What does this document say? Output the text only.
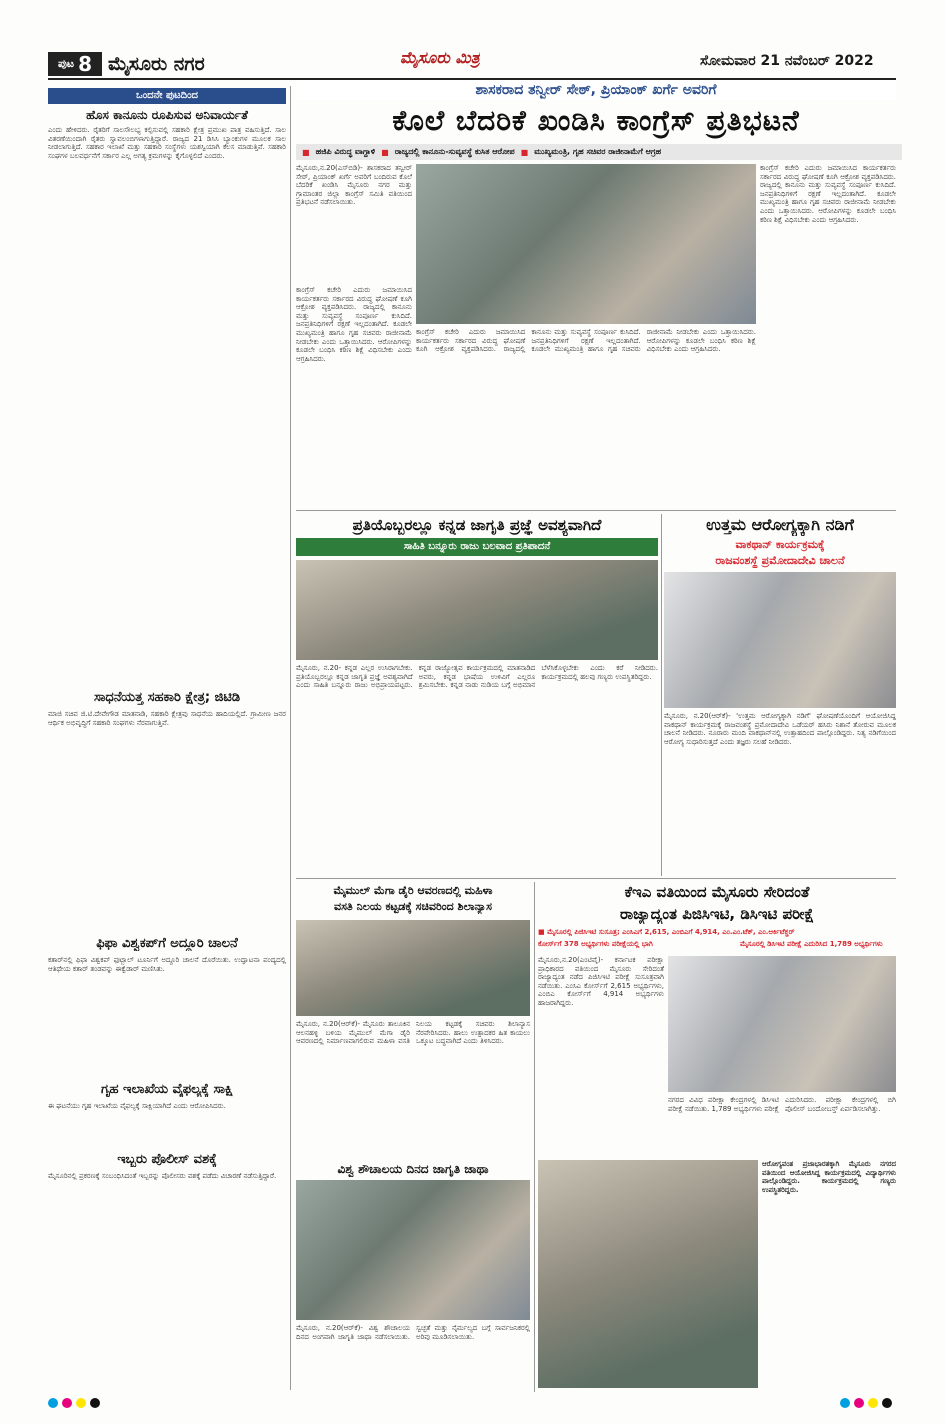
ಪುಟ 8 ಮೈಸೂರು ನಗರ	ಮೈಸೂರು ಮಿತ್ರ	ಸೋಮವಾರ 21 ನವೆಂಬರ್ 2022
ಒಂದನೇ ಪುಟದಿಂದ
ಹೊಸ ಕಾನೂನು ರೂಪಿಸುವ ಅನಿವಾರ್ಯತೆ
ಎಂದು ಹೇಳಿದರು. ರೈತರಿಗೆ ಸಾಲಸೌಲಭ್ಯ ಕಲ್ಪಿಸುವಲ್ಲಿ ಸಹಕಾರಿ ಕ್ಷೇತ್ರ ಪ್ರಮುಖ ಪಾತ್ರ ವಹಿಸುತ್ತಿದೆ. ಸಾಲ ವಿತರಣೆಯಿಂದಾಗಿ ರೈತರು ಸ್ವಾವಲಂಬಿಗಳಾಗುತ್ತಿದ್ದಾರೆ. ರಾಜ್ಯದ 21 ಡಿಸಿಸಿ ಬ್ಯಾಂಕುಗಳ ಮೂಲಕ ಸಾಲ ನೀಡಲಾಗುತ್ತಿದೆ. ಸಹಕಾರ ಇಲಾಖೆ ಮತ್ತು ಸಹಕಾರಿ ಸಂಸ್ಥೆಗಳು ಯಶಸ್ವಿಯಾಗಿ ಕೆಲಸ ಮಾಡುತ್ತಿವೆ. ಸಹಕಾರಿ ಸಂಘಗಳ ಬಲವರ್ಧನೆಗೆ ಸರ್ಕಾರ ಎಲ್ಲ ಅಗತ್ಯ ಕ್ರಮಗಳನ್ನು ಕೈಗೊಳ್ಳಲಿದೆ ಎಂದರು.
ಸಾಧನೆಯತ್ತ ಸಹಕಾರಿ ಕ್ಷೇತ್ರ; ಜಿಟಿಡಿ
ಮಾಜಿ ಸಚಿವ ಜಿ.ಟಿ.ದೇವೇಗೌಡ ಮಾತನಾಡಿ, ಸಹಕಾರಿ ಕ್ಷೇತ್ರವು ಸಾಧನೆಯ ಹಾದಿಯಲ್ಲಿದೆ. ಗ್ರಾಮೀಣ ಜನರ ಆರ್ಥಿಕ ಅಭಿವೃದ್ಧಿಗೆ ಸಹಕಾರಿ ಸಂಘಗಳು ನೆರವಾಗುತ್ತಿವೆ.
ಫಿಫಾ ವಿಶ್ವಕಪ್‌ಗೆ ಅದ್ದೂರಿ ಚಾಲನೆ
ಕತಾರ್‌ನಲ್ಲಿ ಫಿಫಾ ವಿಶ್ವಕಪ್ ಫುಟ್ಬಾಲ್ ಟೂರ್ನಿಗೆ ಅದ್ದೂರಿ ಚಾಲನೆ ದೊರೆಯಿತು. ಉದ್ಘಾಟನಾ ಪಂದ್ಯದಲ್ಲಿ ಆತಿಥೇಯ ಕತಾರ್ ತಂಡವನ್ನು ಈಕ್ವೆಡಾರ್ ಮಣಿಸಿತು.
ಗೃಹ ಇಲಾಖೆಯ ವೈಫಲ್ಯಕ್ಕೆ ಸಾಕ್ಷಿ
ಈ ಘಟನೆಯು ಗೃಹ ಇಲಾಖೆಯ ವೈಫಲ್ಯಕ್ಕೆ ಸಾಕ್ಷಿಯಾಗಿದೆ ಎಂದು ಆರೋಪಿಸಿದರು.
ಇಬ್ಬರು ಪೊಲೀಸ್ ವಶಕ್ಕೆ
ಮೈಸೂರಿನಲ್ಲಿ ಪ್ರಕರಣಕ್ಕೆ ಸಂಬಂಧಿಸಿದಂತೆ ಇಬ್ಬರನ್ನು ಪೊಲೀಸರು ವಶಕ್ಕೆ ಪಡೆದು ವಿಚಾರಣೆ ನಡೆಸುತ್ತಿದ್ದಾರೆ.
ಶಾಸಕರಾದ ತನ್ವೀರ್ ಸೇಠ್, ಪ್ರಿಯಾಂಕ್ ಖರ್ಗೆ ಅವರಿಗೆ
ಕೊಲೆ ಬೆದರಿಕೆ ಖಂಡಿಸಿ ಕಾಂಗ್ರೆಸ್ ಪ್ರತಿಭಟನೆ
■ ಹಜಿಪಿ ವಿರುದ್ಧ ವಾಗ್ದಾಳಿ ■ ರಾಜ್ಯದಲ್ಲಿ ಕಾನೂನು-ಸುವ್ಯವಸ್ಥೆ ಕುಸಿತ ಆರೋಪ ■ ಮುಖ್ಯಮಂತ್ರಿ, ಗೃಹ ಸಚಿವರ ರಾಜೀನಾಮೆಗೆ ಆಗ್ರಹ
ಮೈಸೂರು,ನ.20(ಎಸ್‌ಬಿಡಿ)- ಶಾಸಕರಾದ ತನ್ವೀರ್ ಸೇಠ್, ಪ್ರಿಯಾಂಕ್ ಖರ್ಗೆ ಅವರಿಗೆ ಬಂದಿರುವ ಕೊಲೆ ಬೆದರಿಕೆ ಖಂಡಿಸಿ ಮೈಸೂರು ನಗರ ಮತ್ತು ಗ್ರಾಮಾಂತರ ಜಿಲ್ಲಾ ಕಾಂಗ್ರೆಸ್ ಸಮಿತಿ ವತಿಯಿಂದ ಪ್ರತಿಭಟನೆ ನಡೆಸಲಾಯಿತು.
ಕಾಂಗ್ರೆಸ್ ಕಚೇರಿ ಎದುರು ಜಮಾಯಿಸಿದ ಕಾರ್ಯಕರ್ತರು ಸರ್ಕಾರದ ವಿರುದ್ಧ ಘೋಷಣೆ ಕೂಗಿ ಆಕ್ರೋಶ ವ್ಯಕ್ತಪಡಿಸಿದರು. ರಾಜ್ಯದಲ್ಲಿ ಕಾನೂನು ಮತ್ತು ಸುವ್ಯವಸ್ಥೆ ಸಂಪೂರ್ಣ ಕುಸಿದಿದೆ. ಜನಪ್ರತಿನಿಧಿಗಳಿಗೆ ರಕ್ಷಣೆ ಇಲ್ಲದಂತಾಗಿದೆ. ಕೂಡಲೇ ಮುಖ್ಯಮಂತ್ರಿ ಹಾಗೂ ಗೃಹ ಸಚಿವರು ರಾಜೀನಾಮೆ ನೀಡಬೇಕು ಎಂದು ಒತ್ತಾಯಿಸಿದರು. ಆರೋಪಿಗಳನ್ನು ಕೂಡಲೇ ಬಂಧಿಸಿ ಕಠಿಣ ಶಿಕ್ಷೆ ವಿಧಿಸಬೇಕು ಎಂದು ಆಗ್ರಹಿಸಿದರು.
ಕಾಂಗ್ರೆಸ್ ಕಚೇರಿ ಎದುರು ಜಮಾಯಿಸಿದ ಕಾರ್ಯಕರ್ತರು ಸರ್ಕಾರದ ವಿರುದ್ಧ ಘೋಷಣೆ ಕೂಗಿ ಆಕ್ರೋಶ ವ್ಯಕ್ತಪಡಿಸಿದರು. ರಾಜ್ಯದಲ್ಲಿ ಕಾನೂನು ಮತ್ತು ಸುವ್ಯವಸ್ಥೆ ಸಂಪೂರ್ಣ ಕುಸಿದಿದೆ. ಜನಪ್ರತಿನಿಧಿಗಳಿಗೆ ರಕ್ಷಣೆ ಇಲ್ಲದಂತಾಗಿದೆ. ಕೂಡಲೇ ಮುಖ್ಯಮಂತ್ರಿ ಹಾಗೂ ಗೃಹ ಸಚಿವರು ರಾಜೀನಾಮೆ ನೀಡಬೇಕು ಎಂದು ಒತ್ತಾಯಿಸಿದರು. ಆರೋಪಿಗಳನ್ನು ಕೂಡಲೇ ಬಂಧಿಸಿ ಕಠಿಣ ಶಿಕ್ಷೆ ವಿಧಿಸಬೇಕು ಎಂದು ಆಗ್ರಹಿಸಿದರು.
ಕಾಂಗ್ರೆಸ್ ಕಚೇರಿ ಎದುರು ಜಮಾಯಿಸಿದ ಕಾರ್ಯಕರ್ತರು ಸರ್ಕಾರದ ವಿರುದ್ಧ ಘೋಷಣೆ ಕೂಗಿ ಆಕ್ರೋಶ ವ್ಯಕ್ತಪಡಿಸಿದರು. ರಾಜ್ಯದಲ್ಲಿ ಕಾನೂನು ಮತ್ತು ಸುವ್ಯವಸ್ಥೆ ಸಂಪೂರ್ಣ ಕುಸಿದಿದೆ. ಜನಪ್ರತಿನಿಧಿಗಳಿಗೆ ರಕ್ಷಣೆ ಇಲ್ಲದಂತಾಗಿದೆ. ಕೂಡಲೇ ಮುಖ್ಯಮಂತ್ರಿ ಹಾಗೂ ಗೃಹ ಸಚಿವರು ರಾಜೀನಾಮೆ ನೀಡಬೇಕು ಎಂದು ಒತ್ತಾಯಿಸಿದರು. ಆರೋಪಿಗಳನ್ನು ಕೂಡಲೇ ಬಂಧಿಸಿ ಕಠಿಣ ಶಿಕ್ಷೆ ವಿಧಿಸಬೇಕು ಎಂದು ಆಗ್ರಹಿಸಿದರು.
ಪ್ರತಿಯೊಬ್ಬರಲ್ಲೂ ಕನ್ನಡ ಜಾಗೃತಿ ಪ್ರಜ್ಞೆ ಅವಶ್ಯವಾಗಿದೆ
ಸಾಹಿತಿ ಬನ್ನೂರು ರಾಜು ಬಲವಾದ ಪ್ರತಿಪಾದನೆ
ಮೈಸೂರು, ನ.20- ಕನ್ನಡ ಎಲ್ಲರ ಉಸಿರಾಗಬೇಕು. ಪ್ರತಿಯೊಬ್ಬರಲ್ಲೂ ಕನ್ನಡ ಜಾಗೃತಿ ಪ್ರಜ್ಞೆ ಅವಶ್ಯವಾಗಿದೆ ಎಂದು ಸಾಹಿತಿ ಬನ್ನೂರು ರಾಜು ಅಭಿಪ್ರಾಯಪಟ್ಟರು. ಕನ್ನಡ ರಾಜ್ಯೋತ್ಸವ ಕಾರ್ಯಕ್ರಮದಲ್ಲಿ ಮಾತನಾಡಿದ ಅವರು, ಕನ್ನಡ ಭಾಷೆಯ ಉಳಿವಿಗೆ ಎಲ್ಲರೂ ಶ್ರಮಿಸಬೇಕು. ಕನ್ನಡ ನಾಡು ನುಡಿಯ ಬಗ್ಗೆ ಅಭಿಮಾನ ಬೆಳೆಸಿಕೊಳ್ಳಬೇಕು ಎಂದು ಕರೆ ನೀಡಿದರು. ಕಾರ್ಯಕ್ರಮದಲ್ಲಿ ಹಲವು ಗಣ್ಯರು ಉಪಸ್ಥಿತರಿದ್ದರು.
ಉತ್ತಮ ಆರೋಗ್ಯಕ್ಕಾಗಿ ನಡಿಗೆ
ವಾಕಥಾನ್ ಕಾರ್ಯಕ್ರಮಕ್ಕೆ
ರಾಜವಂಶಸ್ಥೆ ಪ್ರಮೋದಾದೇವಿ ಚಾಲನೆ
ಮೈಸೂರು, ನ.20(ಆರ್‌ಕೆ)- 'ಉತ್ತಮ ಆರೋಗ್ಯಕ್ಕಾಗಿ ನಡಿಗೆ' ಘೋಷಣೆಯೊಂದಿಗೆ ಆಯೋಜಿಸಿದ್ದ ವಾಕಥಾನ್ ಕಾರ್ಯಕ್ರಮಕ್ಕೆ ರಾಜವಂಶಸ್ಥೆ ಪ್ರಮೋದಾದೇವಿ ಒಡೆಯರ್ ಹಸಿರು ನಿಶಾನೆ ತೋರುವ ಮೂಲಕ ಚಾಲನೆ ನೀಡಿದರು. ನೂರಾರು ಮಂದಿ ವಾಕಥಾನ್‌ನಲ್ಲಿ ಉತ್ಸಾಹದಿಂದ ಪಾಲ್ಗೊಂಡಿದ್ದರು. ನಿತ್ಯ ನಡಿಗೆಯಿಂದ ಆರೋಗ್ಯ ಸುಧಾರಿಸುತ್ತದೆ ಎಂದು ತಜ್ಞರು ಸಲಹೆ ನೀಡಿದರು.
ಮೈಮುಲ್ ಮೆಗಾ ಡೈರಿ ಆವರಣದಲ್ಲಿ ಮಹಿಳಾ
ವಸತಿ ನಿಲಯ ಕಟ್ಟಡಕ್ಕೆ ಸಚಿವರಿಂದ ಶಿಲಾನ್ಯಾಸ
ಮೈಸೂರು, ನ.20(ಆರ್‌ಕೆ)- ಮೈಸೂರು ತಾಲೂಕಿನ ಆಲನಹಳ್ಳಿ ಬಳಿಯ ಮೈಮುಲ್ ಮೆಗಾ ಡೈರಿ ಆವರಣದಲ್ಲಿ ನಿರ್ಮಾಣವಾಗಲಿರುವ ಮಹಿಳಾ ವಸತಿ ನಿಲಯ ಕಟ್ಟಡಕ್ಕೆ ಸಚಿವರು ಶಿಲಾನ್ಯಾಸ ನೆರವೇರಿಸಿದರು. ಹಾಲು ಉತ್ಪಾದಕರ ಹಿತ ಕಾಯಲು ಒಕ್ಕೂಟ ಬದ್ಧವಾಗಿದೆ ಎಂದು ತಿಳಿಸಿದರು.
ಕೆಇಎ ವತಿಯಿಂದ ಮೈಸೂರು ಸೇರಿದಂತೆ
ರಾಜ್ಯಾದ್ಯಂತ ಪಿಜಿಸಿಇಟಿ, ಡಿಸಿಇಟಿ ಪರೀಕ್ಷೆ
■ ಮೈಸೂರಲ್ಲಿ ಪಿಜಿಸಿಇಟಿ ಸುಸೂತ್ರ; ಎಂಸಿಎಗೆ 2,615, ಎಂಬಿಎಗೆ 4,914, ಎಂ.ಎಂ.ಟೆಕ್, ಎಂ.ಆರ್ಕಿಟೆಕ್ಚರ್
ಕೋರ್ಸ್‌ಗೆ 378 ಅಭ್ಯರ್ಥಿಗಳು ಪರೀಕ್ಷೆಯಲ್ಲಿ ಭಾಗಿ	ಮೈಸೂರಲ್ಲಿ ಡಿಸಿಇಟಿ ಪರೀಕ್ಷೆ ಎದುರಿಸಿದ 1,789 ಅಭ್ಯರ್ಥಿಗಳು
ಮೈಸೂರು,ನ.20(ಎಂಟಿವೈ)- ಕರ್ನಾಟಕ ಪರೀಕ್ಷಾ ಪ್ರಾಧಿಕಾರದ ವತಿಯಿಂದ ಮೈಸೂರು ಸೇರಿದಂತೆ ರಾಜ್ಯಾದ್ಯಂತ ನಡೆದ ಪಿಜಿಸಿಇಟಿ ಪರೀಕ್ಷೆ ಸುಸೂತ್ರವಾಗಿ ನಡೆಯಿತು. ಎಂಸಿಎ ಕೋರ್ಸ್‌ಗೆ 2,615 ಅಭ್ಯರ್ಥಿಗಳು, ಎಂಬಿಎ ಕೋರ್ಸ್‌ಗೆ 4,914 ಅಭ್ಯರ್ಥಿಗಳು ಹಾಜರಾಗಿದ್ದರು.
ನಗರದ ವಿವಿಧ ಪರೀಕ್ಷಾ ಕೇಂದ್ರಗಳಲ್ಲಿ ಡಿಸಿಇಟಿ ಪರೀಕ್ಷೆ ನಡೆಯಿತು. 1,789 ಅಭ್ಯರ್ಥಿಗಳು ಪರೀಕ್ಷೆ ಎದುರಿಸಿದರು. ಪರೀಕ್ಷಾ ಕೇಂದ್ರಗಳಲ್ಲಿ ಬಿಗಿ ಪೊಲೀಸ್ ಬಂದೋಬಸ್ತ್ ಏರ್ಪಡಿಸಲಾಗಿತ್ತು.
ವಿಶ್ವ ಶೌಚಾಲಯ ದಿನದ ಜಾಗೃತಿ ಜಾಥಾ
ಮೈಸೂರು, ನ.20(ಆರ್‌ಕೆ)- ವಿಶ್ವ ಶೌಚಾಲಯ ದಿನದ ಅಂಗವಾಗಿ ಜಾಗೃತಿ ಜಾಥಾ ನಡೆಸಲಾಯಿತು. ಸ್ವಚ್ಛತೆ ಮತ್ತು ನೈರ್ಮಲ್ಯದ ಬಗ್ಗೆ ಸಾರ್ವಜನಿಕರಲ್ಲಿ ಅರಿವು ಮೂಡಿಸಲಾಯಿತು.
ಆರೋಗ್ಯವಂತ ಪ್ರಜಾಭಾರತಕ್ಕಾಗಿ ಮೈಸೂರು ನಗರದ ವತಿಯಿಂದ ಆಯೋಜಿಸಿದ್ದ ಕಾರ್ಯಕ್ರಮದಲ್ಲಿ ವಿದ್ಯಾರ್ಥಿಗಳು ಪಾಲ್ಗೊಂಡಿದ್ದರು. ಕಾರ್ಯಕ್ರಮದಲ್ಲಿ ಗಣ್ಯರು ಉಪಸ್ಥಿತರಿದ್ದರು.
